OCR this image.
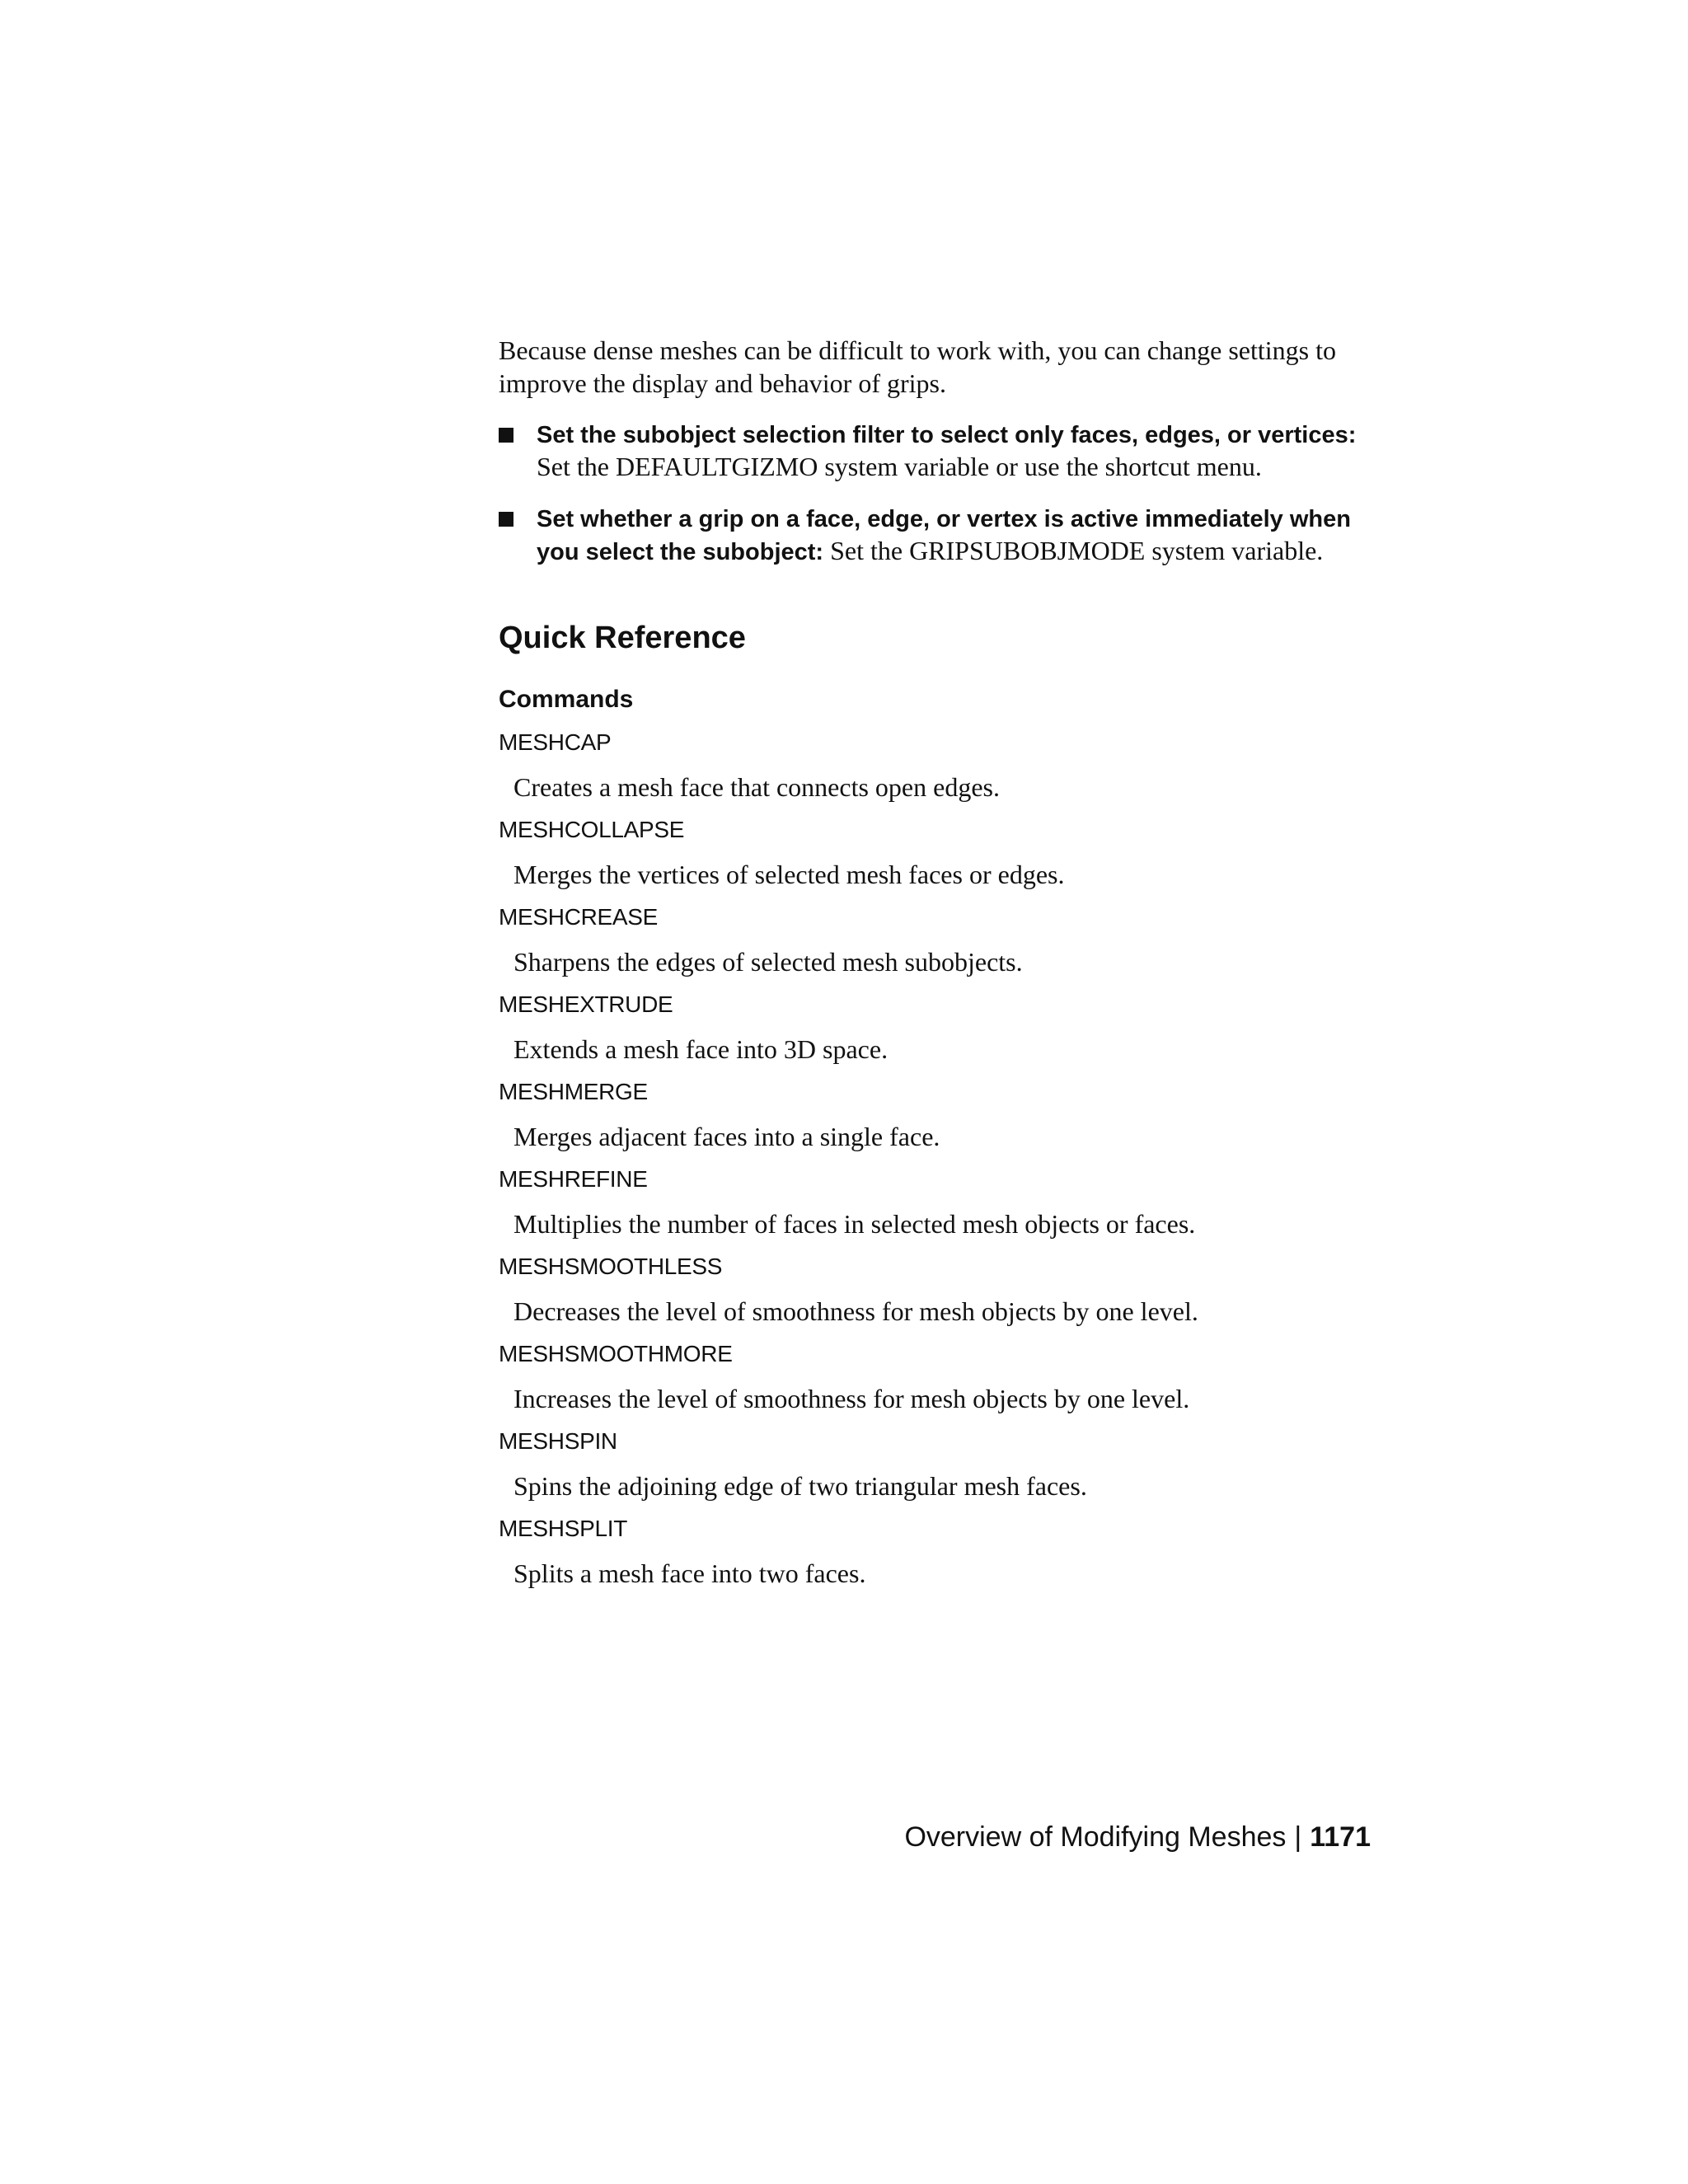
Because dense meshes can be difficult to work with, you can change settings to improve the display and behavior of grips.

Set the subobject selection filter to select only faces, edges, or vertices: Set the DEFAULTGIZMO system variable or use the shortcut menu.
Set whether a grip on a face, edge, or vertex is active immediately when you select the subobject: Set the GRIPSUBOBJMODE system variable.
Quick Reference
Commands
MESHCAP
Creates a mesh face that connects open edges.
MESHCOLLAPSE
Merges the vertices of selected mesh faces or edges.
MESHCREASE
Sharpens the edges of selected mesh subobjects.
MESHEXTRUDE
Extends a mesh face into 3D space.
MESHMERGE
Merges adjacent faces into a single face.
MESHREFINE
Multiplies the number of faces in selected mesh objects or faces.
MESHSMOOTHLESS
Decreases the level of smoothness for mesh objects by one level.
MESHSMOOTHMORE
Increases the level of smoothness for mesh objects by one level.
MESHSPIN
Spins the adjoining edge of two triangular mesh faces.
MESHSPLIT
Splits a mesh face into two faces.
Overview of Modifying Meshes | 1171
